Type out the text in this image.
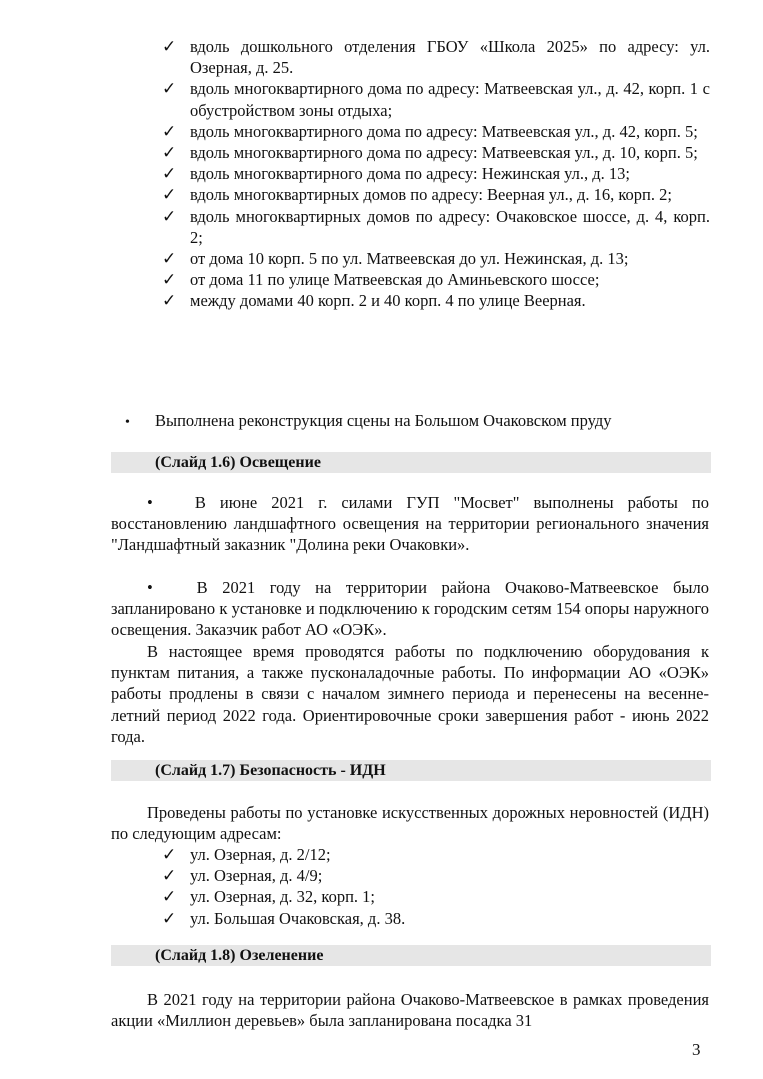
✓ вдоль дошкольного отделения ГБОУ «Школа 2025» по адресу: ул. Озерная, д. 25.
✓ вдоль многоквартирного дома по адресу: Матвеевская ул., д. 42, корп. 1 с обустройством зоны отдыха;
✓ вдоль многоквартирного дома по адресу: Матвеевская ул., д. 42, корп. 5;
✓ вдоль многоквартирного дома по адресу: Матвеевская ул., д. 10, корп. 5;
✓ вдоль многоквартирного дома по адресу: Нежинская ул., д. 13;
✓ вдоль многоквартирных домов по адресу: Веерная ул., д. 16, корп. 2;
✓ вдоль многоквартирных домов по адресу: Очаковское шоссе, д. 4, корп. 2;
✓ от дома 10 корп. 5 по ул. Матвеевская до ул. Нежинская, д. 13;
✓ от дома 11 по улице Матвеевская до Аминьевского шоссе;
✓ между домами 40 корп. 2 и 40 корп. 4 по улице Веерная.
• Выполнена реконструкция сцены на Большом Очаковском пруду
(Слайд 1.6) Освещение

•	В июне 2021 г. силами ГУП "Мосвет" выполнены работы по восстановлению ландшафтного освещения на территории регионального значения "Ландшафтный заказник "Долина реки Очаковки».

•	В 2021 году на территории района Очаково-Матвеевское было запланировано к установке и подключению к городским сетям 154 опоры наружного освещения. Заказчик работ АО «ОЭК».

В настоящее время проводятся работы по подключению оборудования к пунктам питания, а также пусконаладочные работы. По информации АО «ОЭК» работы продлены в связи с началом зимнего периода и перенесены на весенне-летний период 2022 года. Ориентировочные сроки завершения работ - июнь 2022 года.

(Слайд 1.7) Безопасность - ИДН

Проведены работы по установке искусственных дорожных неровностей (ИДН) по следующим адресам:

✓ ул. Озерная, д. 2/12;
✓ ул. Озерная, д. 4/9;
✓ ул. Озерная, д. 32, корп. 1;
✓ ул. Большая Очаковская, д. 38.
(Слайд 1.8) Озеленение

В 2021 году на территории района Очаково-Матвеевское в рамках проведения акции «Миллион деревьев» была запланирована посадка 31

3
